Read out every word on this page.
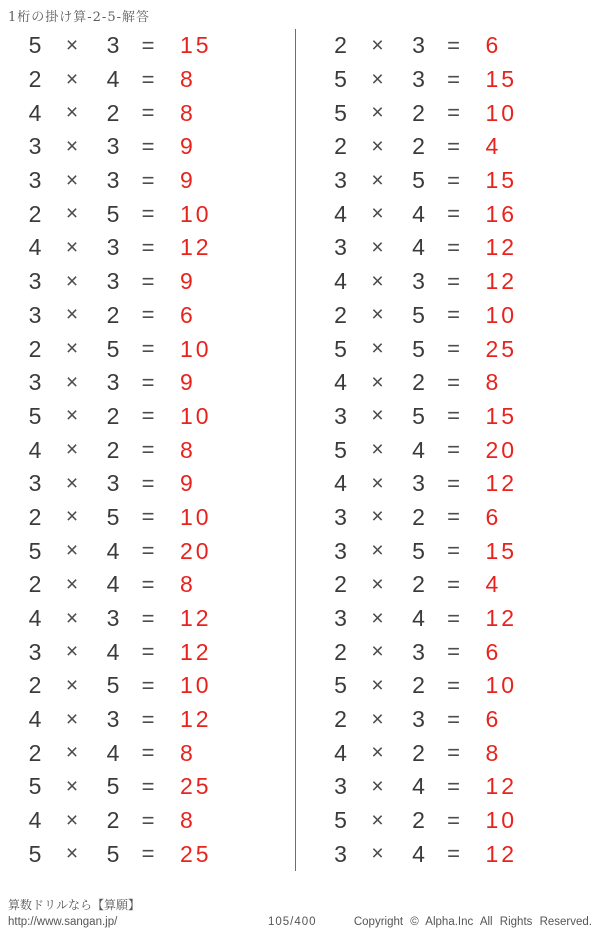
1桁の掛け算-2-5-解答
5	×	3	=	15
2	×	4	=	8
4	×	2	=	8
3	×	3	=	9
3	×	3	=	9
2	×	5	=	10
4	×	3	=	12
3	×	3	=	9
3	×	2	=	6
2	×	5	=	10
3	×	3	=	9
5	×	2	=	10
4	×	2	=	8
3	×	3	=	9
2	×	5	=	10
5	×	4	=	20
2	×	4	=	8
4	×	3	=	12
3	×	4	=	12
2	×	5	=	10
4	×	3	=	12
2	×	4	=	8
5	×	5	=	25
4	×	2	=	8
5	×	5	=	25
2	×	3	=	6
5	×	3	=	15
5	×	2	=	10
2	×	2	=	4
3	×	5	=	15
4	×	4	=	16
3	×	4	=	12
4	×	3	=	12
2	×	5	=	10
5	×	5	=	25
4	×	2	=	8
3	×	5	=	15
5	×	4	=	20
4	×	3	=	12
3	×	2	=	6
3	×	5	=	15
2	×	2	=	4
3	×	4	=	12
2	×	3	=	6
5	×	2	=	10
2	×	3	=	6
4	×	2	=	8
3	×	4	=	12
5	×	2	=	10
3	×	4	=	12
算数ドリルなら【算願】
http://www.sangan.jp/	105/400	Copyright © Alpha.Inc All Rights Reserved.
